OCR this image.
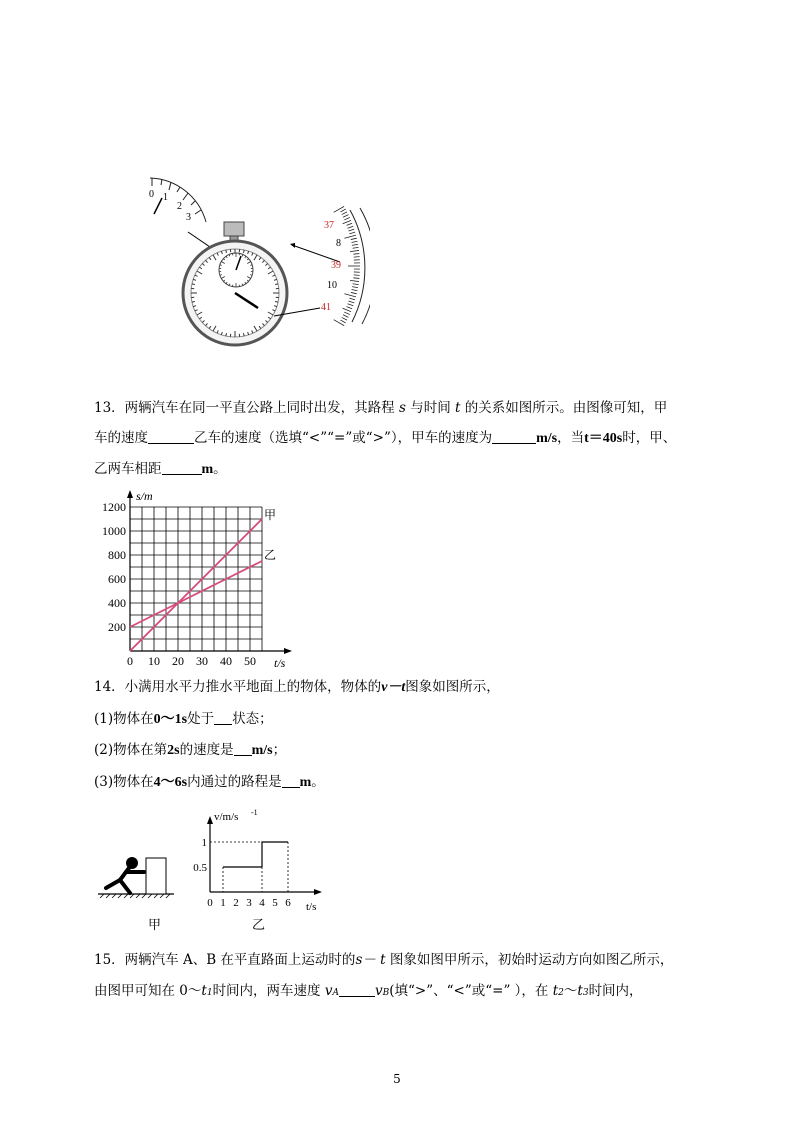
0 1
2
3
37
8
39
10
41
13．两辆汽车在同一平直公路上同时出发，其路程 s 与时间 t 的关系如图所示。由图像可知，甲
车的速度	乙车的速度（选填“<”“=”或“>”），甲车的速度为	m/s，当t＝40s时，甲、
乙两车相距	m。
0 10 20 30 40 50
200
400
600
800
1000
1200
s/m
t/s
甲
乙
14．小满用水平力推水平地面上的物体，物体的v－t图象如图所示，
(1)物体在0～1s处于 状态；
(2)物体在第2s的速度是 m/s；
(3)物体在4～6s内通过的路程是 m。
甲
0 1 2 3 4 5 6
0.5
1
v/m/s -1
t/s
乙
15．两辆汽车 A、B 在平直路面上运动时的s－ t 图象如图甲所示，初始时运动方向如图乙所示，
由图甲可知在 0～t1时间内，两车速度 vA	vB(填“>”、“<”或“=” ），在 t2～t3时间内，
5
